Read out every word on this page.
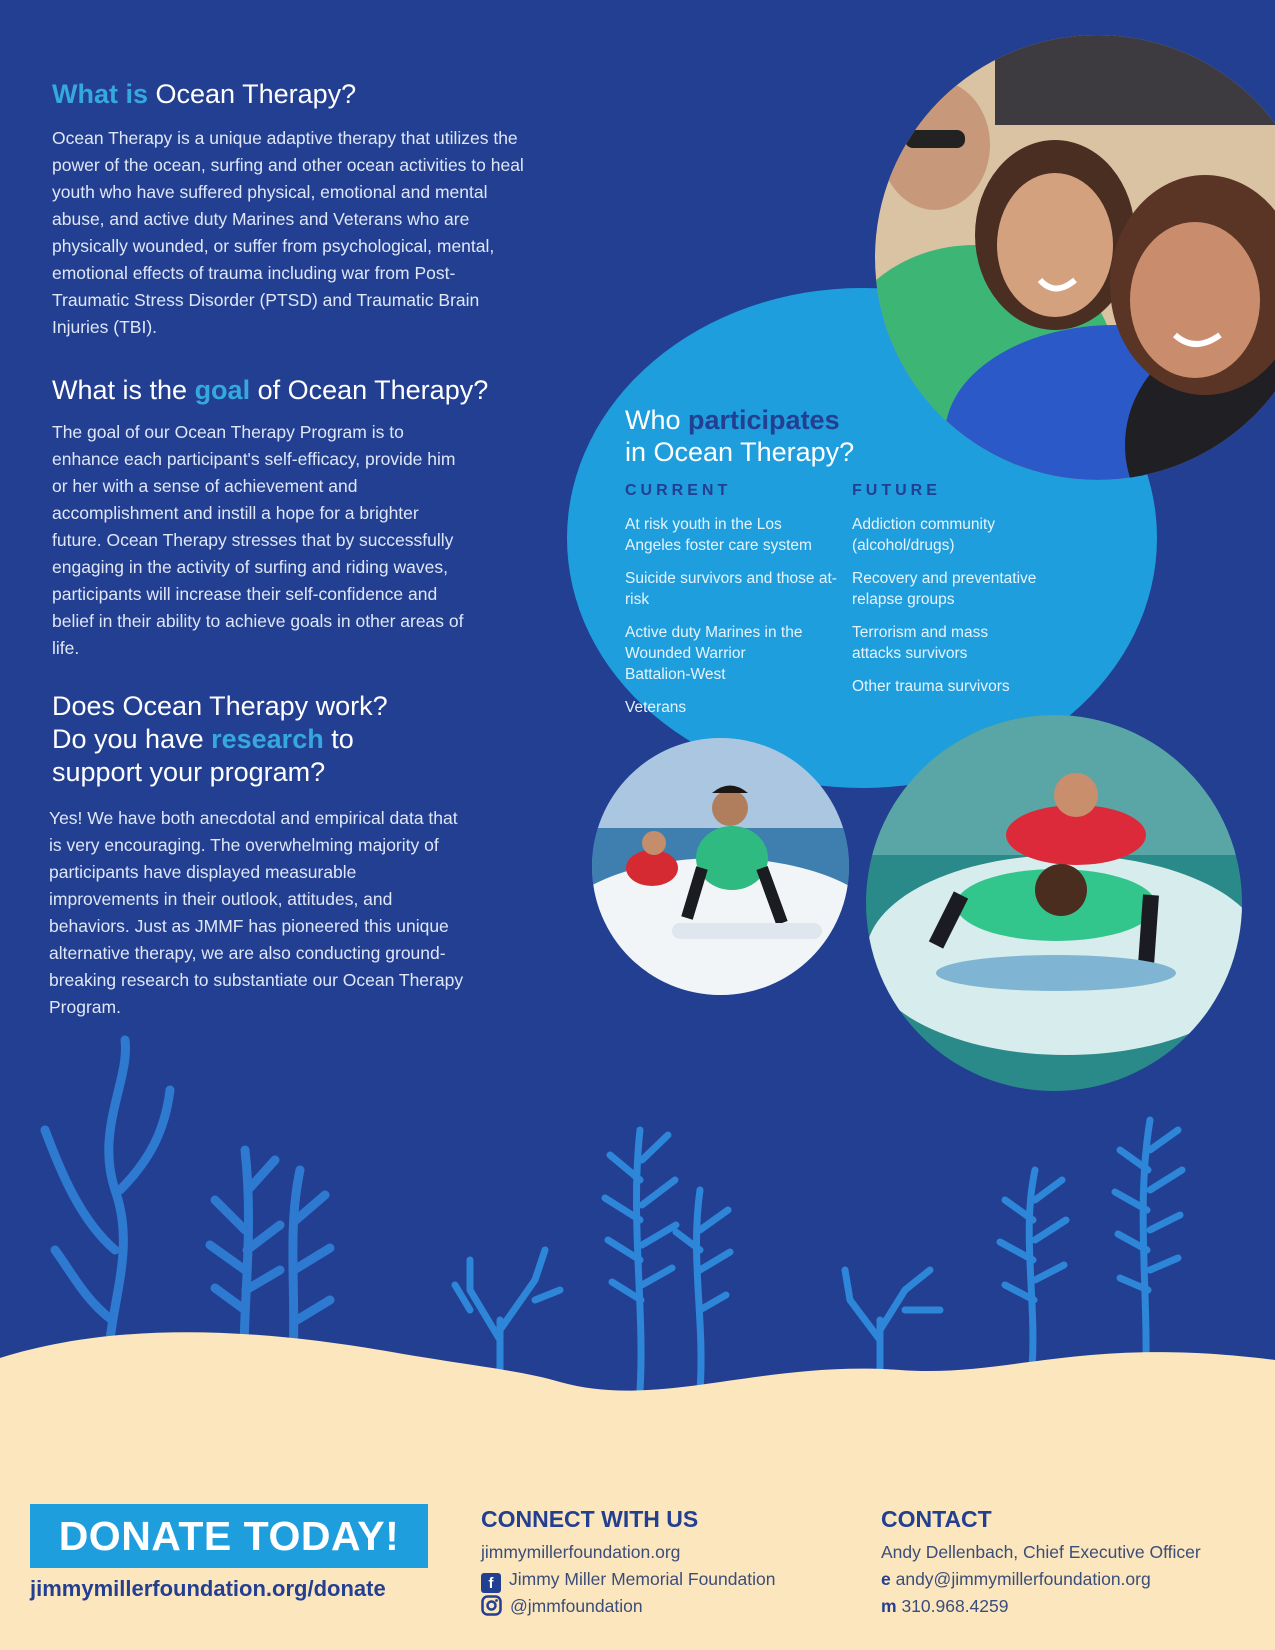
What is Ocean Therapy?

Ocean Therapy is a unique adaptive therapy that utilizes the power of the ocean, surfing and other ocean activities to heal youth who have suffered physical, emotional and mental abuse, and active duty Marines and Veterans who are physically wounded, or suffer from psychological, mental, emotional effects of trauma including war from Post-Traumatic Stress Disorder (PTSD) and Traumatic Brain Injuries (TBI).

What is the goal of Ocean Therapy?

The goal of our Ocean Therapy Program is to enhance each participant's self-efficacy, provide him or her with a sense of achievement and accomplishment and instill a hope for a brighter future. Ocean Therapy stresses that by successfully engaging in the activity of surfing and riding waves, participants will increase their self-confidence and belief in their ability to achieve goals in other areas of life.

Does Ocean Therapy work?
Do you have research to
support your program?

Yes! We have both anecdotal and empirical data that is very encouraging. The overwhelming majority of participants have displayed measurable improvements in their outlook, attitudes, and behaviors. Just as JMMF has pioneered this unique alternative therapy, we are also conducting ground-breaking research to substantiate our Ocean Therapy Program.

Who participates
in Ocean Therapy?
CURRENT

At risk youth in the Los Angeles foster care system

Suicide survivors and those at-risk

Active duty Marines in the Wounded Warrior Battalion-West

Veterans

FUTURE

Addiction community (alcohol/drugs)

Recovery and preventative relapse groups

Terrorism and mass attacks survivors

Other trauma survivors

DONATE TODAY!
jimmymillerfoundation.org/donate
CONNECT WITH US
jimmymillerfoundation.org
f Jimmy Miller Memorial Foundation
@jmmfoundation
CONTACT
Andy Dellenbach, Chief Executive Officer
e andy@jimmymillerfoundation.org
m 310.968.4259
